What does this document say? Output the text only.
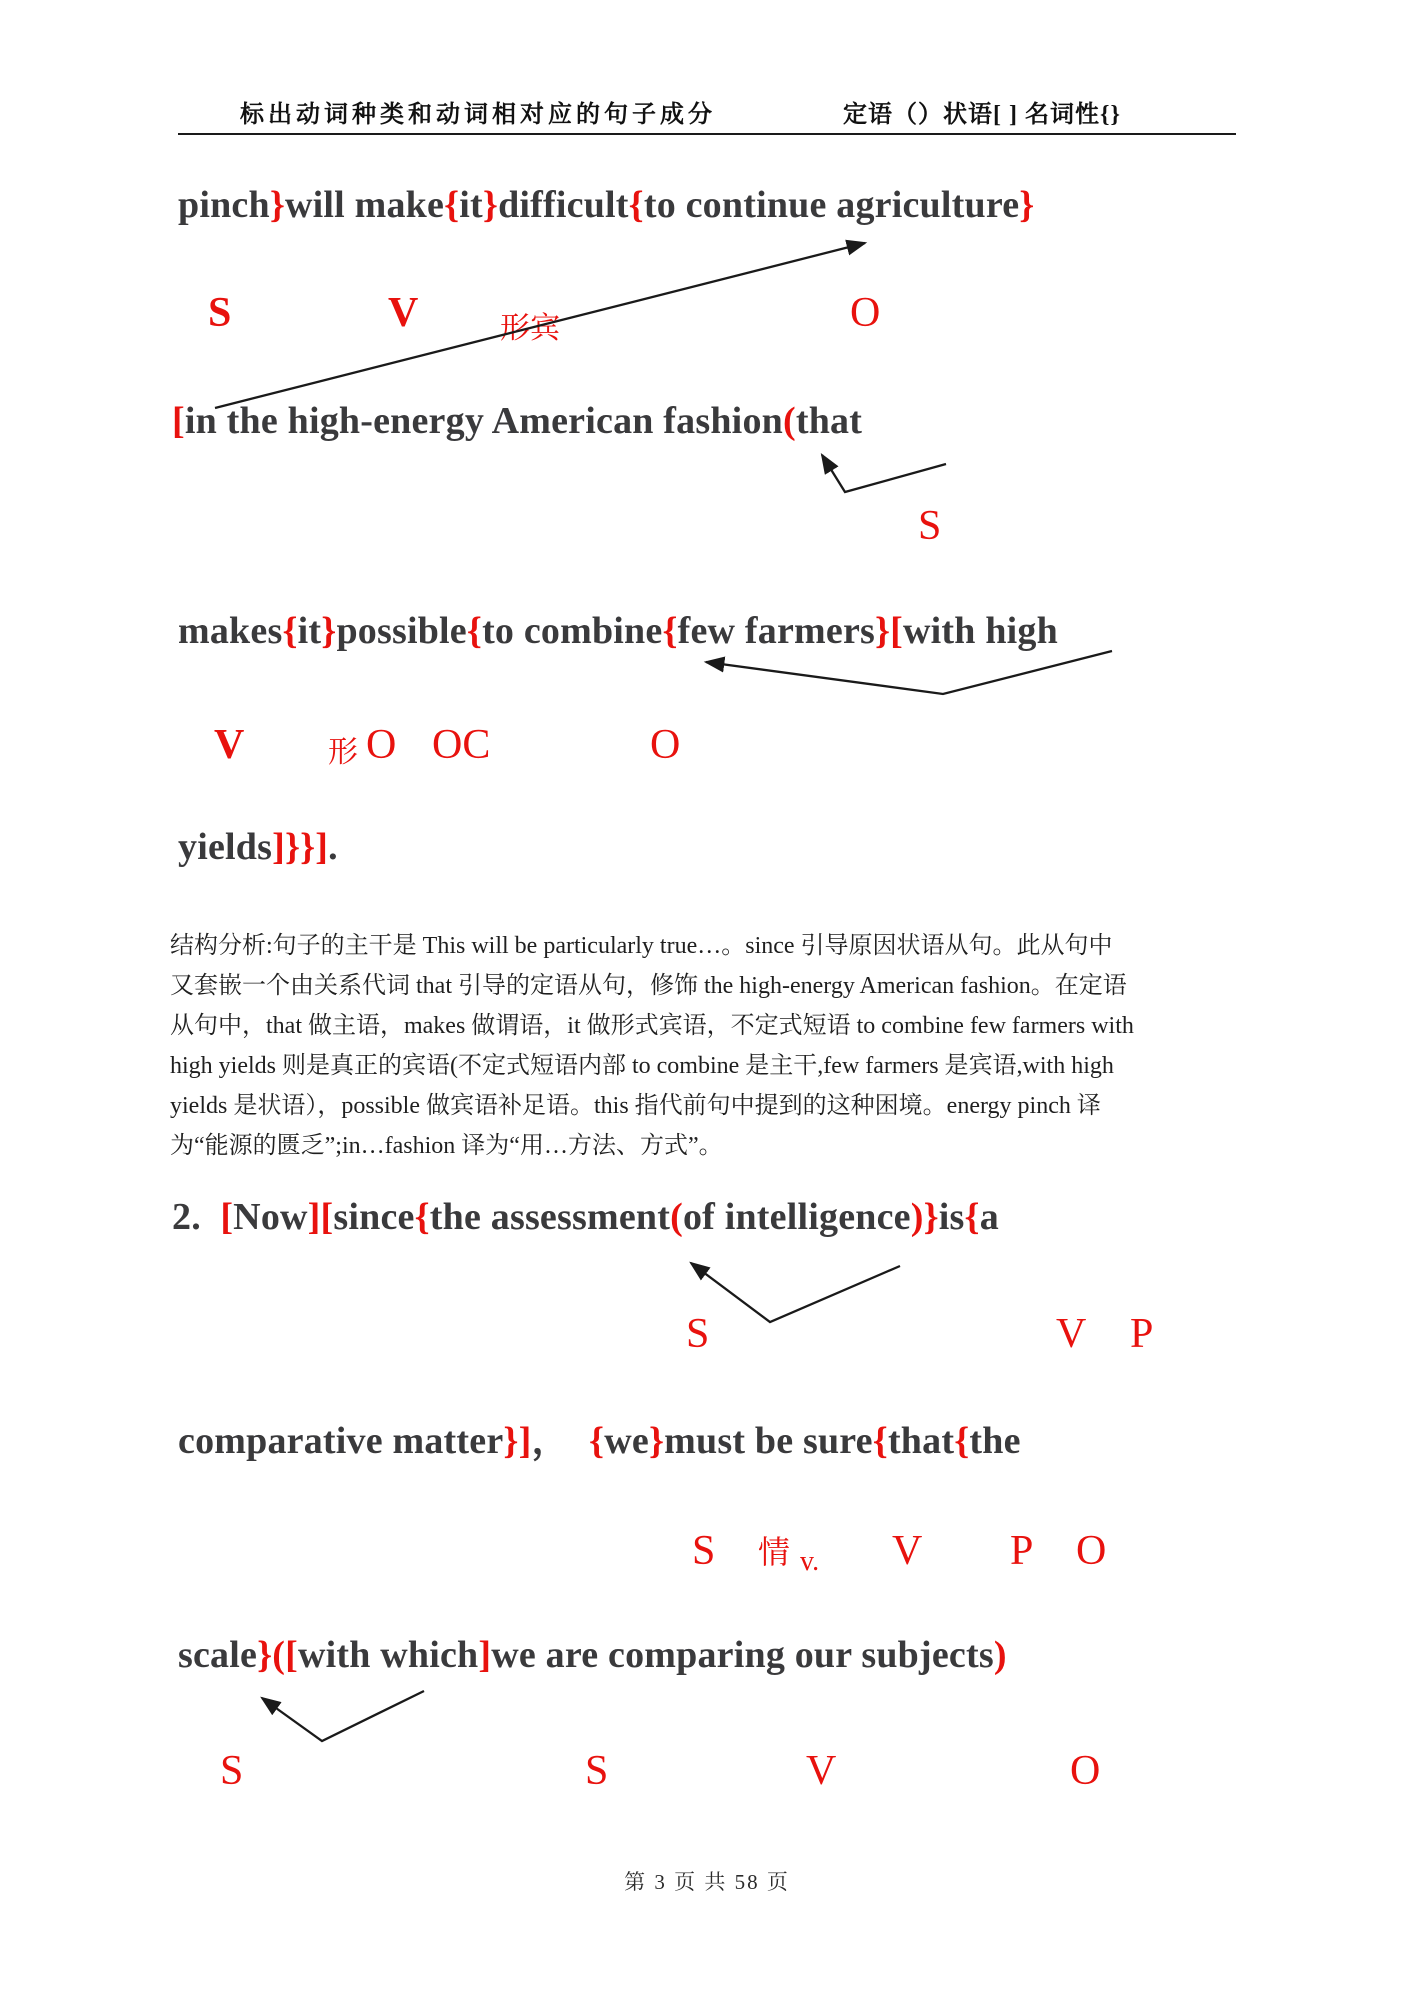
标出动词种类和动词相对应的句子成分	定语（）状语[ ] 名词性{}
pinch}will make{it}difficult{to continue agriculture}
S	V	形宾	O
[in the high-energy American fashion(that
S
makes{it}possible{to combine{few farmers}[with high
V	形 O OC	O
yields]}}].
结构分析:句子的主干是 This will be particularly true…。since 引导原因状语从句。此从句中
又套嵌一个由关系代词 that 引导的定语从句，修饰 the high-energy American fashion。在定语
从句中，that 做主语，makes 做谓语，it 做形式宾语，不定式短语 to combine few farmers with
high yields 则是真正的宾语(不定式短语内部 to combine 是主干,few farmers 是宾语,with high
yields 是状语），possible 做宾语补足语。this 指代前句中提到的这种困境。energy pinch 译
为“能源的匮乏”;in…fashion 译为“用…方法、方式”。
2.  [Now][since{the assessment(of intelligence)}is{a
S	V P
comparative matter}]，  {we}must be sure{that{the
S 情 v. V P O
scale}([with which]we are comparing our subjects)
S	S	V	O
第 3 页 共 58 页
